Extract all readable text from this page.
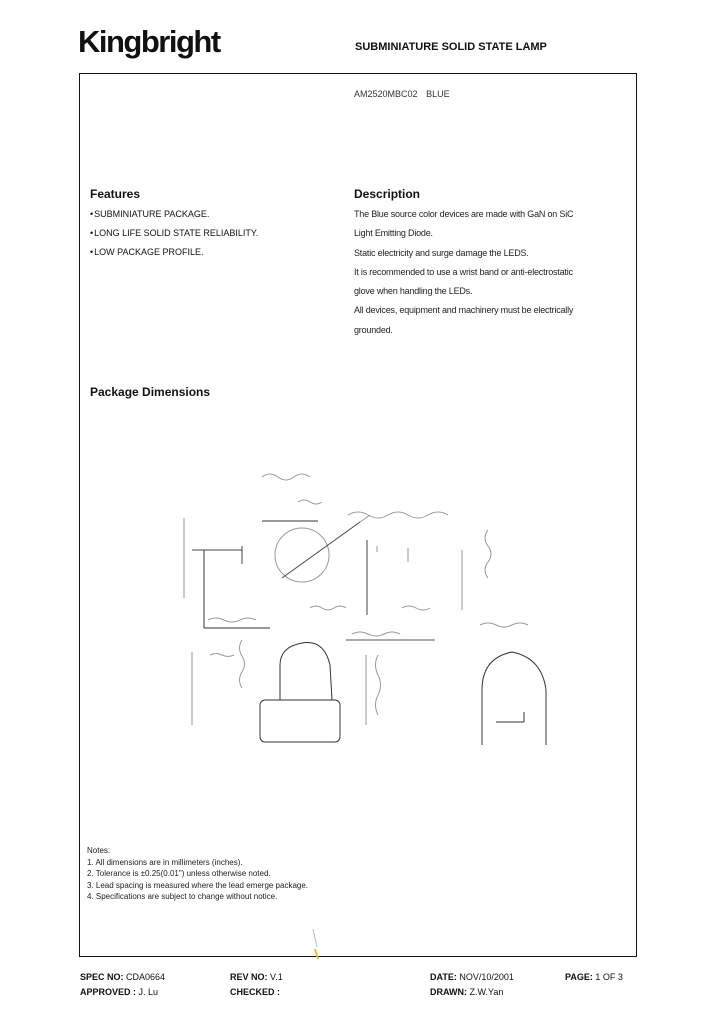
Kingbright	SUBMINIATURE SOLID STATE LAMP
AM2520MBC02 BLUE
Features
• SUBMINIATURE PACKAGE.
• LONG LIFE SOLID STATE RELIABILITY.
• LOW PACKAGE PROFILE.
Description
The Blue source color devices are made with GaN on SiC
Light Emitting Diode.
Static electricity and surge damage the LEDS.
It is recommended to use a wrist band or anti-electrostatic
glove when handling the LEDs.
All devices, equipment and machinery must be electrically
grounded.
Package Dimensions
Notes:
1. All dimensions are in millimeters (inches).
2. Tolerance is ±0.25(0.01") unless otherwise noted.
3. Lead spacing is measured where the lead emerge package.
4. Specifications are subject to change without notice.
SPEC NO: CDA0664	REV NO: V.1	DATE: NOV/10/2001	PAGE: 1 OF 3
APPROVED : J. Lu	CHECKED :	DRAWN: Z.W.Yan
